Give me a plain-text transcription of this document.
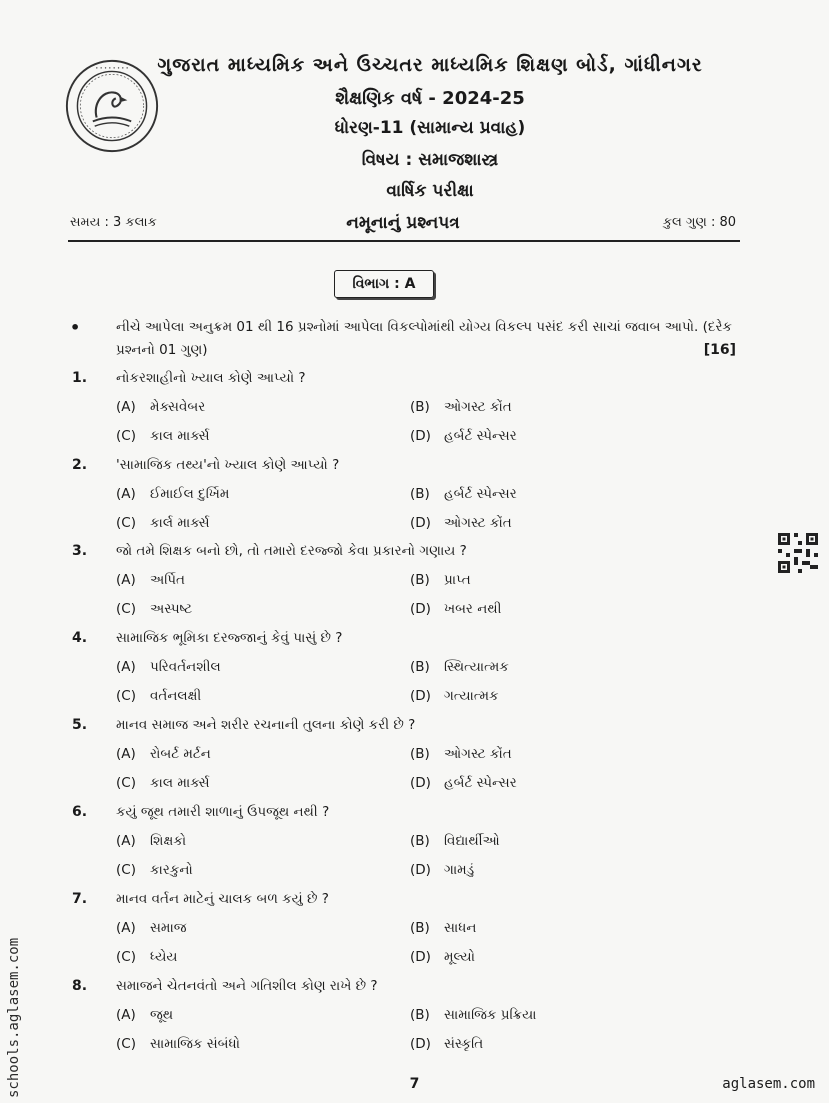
• • • • • • • •	ગુજરાત માધ્યમિક અને ઉચ્ચતર માધ્યમિક શિક્ષણ બોર્ડ, ગાંધીનગર
શૈક્ષણિક વર્ષ - 2024-25
ધોરણ-11 (સામાન્ય પ્રવાહ)
વિષય : સમાજશાસ્ત્ર
વાર્ષિક પરીક્ષા
સમય : 3 કલાક	નમૂનાનું પ્રશ્નપત્ર	કુલ ગુણ : 80
વિભાગ : A
•	નીચે આપેલા અનુક્રમ 01 થી 16 પ્રશ્નોમાં આપેલા વિકલ્પોમાંથી યોગ્ય વિકલ્પ પસંદ કરી સાચાં જવાબ આપો. (દરેક પ્રશ્નનો 01 ગુણ)	[16]
1. નોકરશાહીનો ખ્યાલ કોણે આપ્યો ?
(A) મેક્સવેબર	(B) ઓગસ્ટ કોંત
(C) કાલ માર્ક્સ	(D) હર્બર્ટ સ્પેન્સર
2. 'સામાજિક તથ્ય'નો ખ્યાલ કોણે આપ્યો ?
(A) ઈમાઈલ દુર્ખિમ	(B) હર્બર્ટ સ્પેન્સર
(C) કાર્લ માર્ક્સ	(D) ઓગસ્ટ કોંત
3. જો તમે શિક્ષક બનો છો, તો તમારો દરજ્જો કેવા પ્રકારનો ગણાય ?
(A) અર્પિત	(B) પ્રાપ્ત
(C) અસ્પષ્ટ	(D) ખબર નથી
4. સામાજિક ભૂમિકા દરજ્જાનું કેવું પાસું છે ?
(A) પરિવર્તનશીલ	(B) સ્થિત્યાત્મક
(C) વર્તનલક્ષી	(D) ગત્યાત્મક
5. માનવ સમાજ અને શરીર રચનાની તુલના કોણે કરી છે ?
(A) રોબર્ટ મર્ટન	(B) ઓગસ્ટ કોંત
(C) કાલ માર્ક્સ	(D) હર્બર્ટ સ્પેન્સર
6. કયું જૂથ તમારી શાળાનું ઉપજૂથ નથી ?
(A) શિક્ષકો	(B) વિદ્યાર્થીઓ
(C) કારકુનો	(D) ગામડું
7. માનવ વર્તન માટેનું ચાલક બળ કયું છે ?
(A) સમાજ	(B) સાધન
(C) ધ્યેય	(D) મૂલ્યો
8. સમાજને ચેતનવંતો અને ગતિશીલ કોણ રાખે છે ?
(A) જૂથ	(B) સામાજિક પ્રક્રિયા
(C) સામાજિક સંબંધો	(D) સંસ્કૃતિ
7	aglasem.com
schools.aglasem.com
